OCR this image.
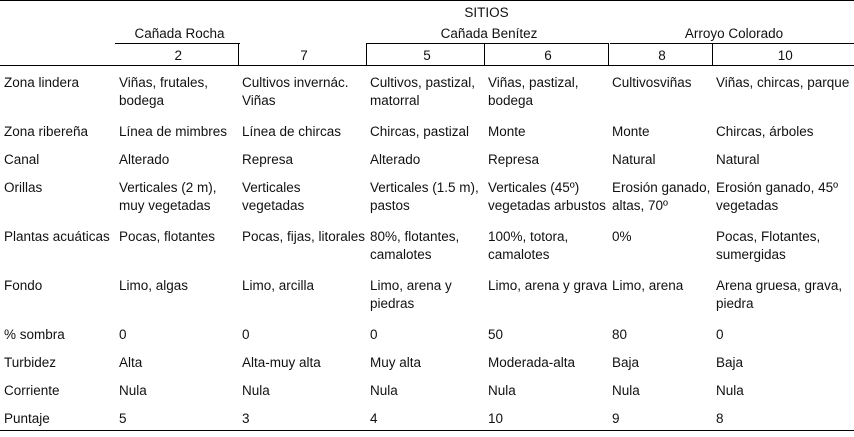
	SITIOS							
	Cañada Rocha			Cañada Benítez			Arroyo Colorado	
	2	7		5	6	8		10
Zona lindera	Viñas, frutales, bodega	Cultivos invernác. Viñas		Cultivos, pastizal, matorral	Viñas, pastizal, bodega	Cultivosviñas		Viñas, chircas, parque
Zona ribereña	Línea de mimbres	Línea de chircas		Chircas, pastizal	Monte	Monte		Chircas, árboles
Canal	Alterado	Represa		Alterado	Represa	Natural		Natural
Orillas	Verticales (2 m), muy vegetadas	Verticales vegetadas		Verticales (1.5 m), pastos	Verticales (45º) vegetadas arbustos	Erosión ganado, altas, 70º		Erosión ganado, 45º vegetadas
Plantas acuáticas	Pocas, flotantes	Pocas, fijas, litorales		80%, flotantes, camalotes	100%, totora, camalotes	0%		Pocas, Flotantes, sumergidas
Fondo	Limo, algas	Limo, arcilla		Limo, arena y piedras	Limo, arena y grava	Limo, arena		Arena gruesa, grava, piedra
% sombra	0	0		0	50	80		0
Turbidez	Alta	Alta-muy alta		Muy alta	Moderada-alta	Baja		Baja
Corriente	Nula	Nula		Nula	Nula	Nula		Nula
Puntaje	5	3		4	10	9		8
